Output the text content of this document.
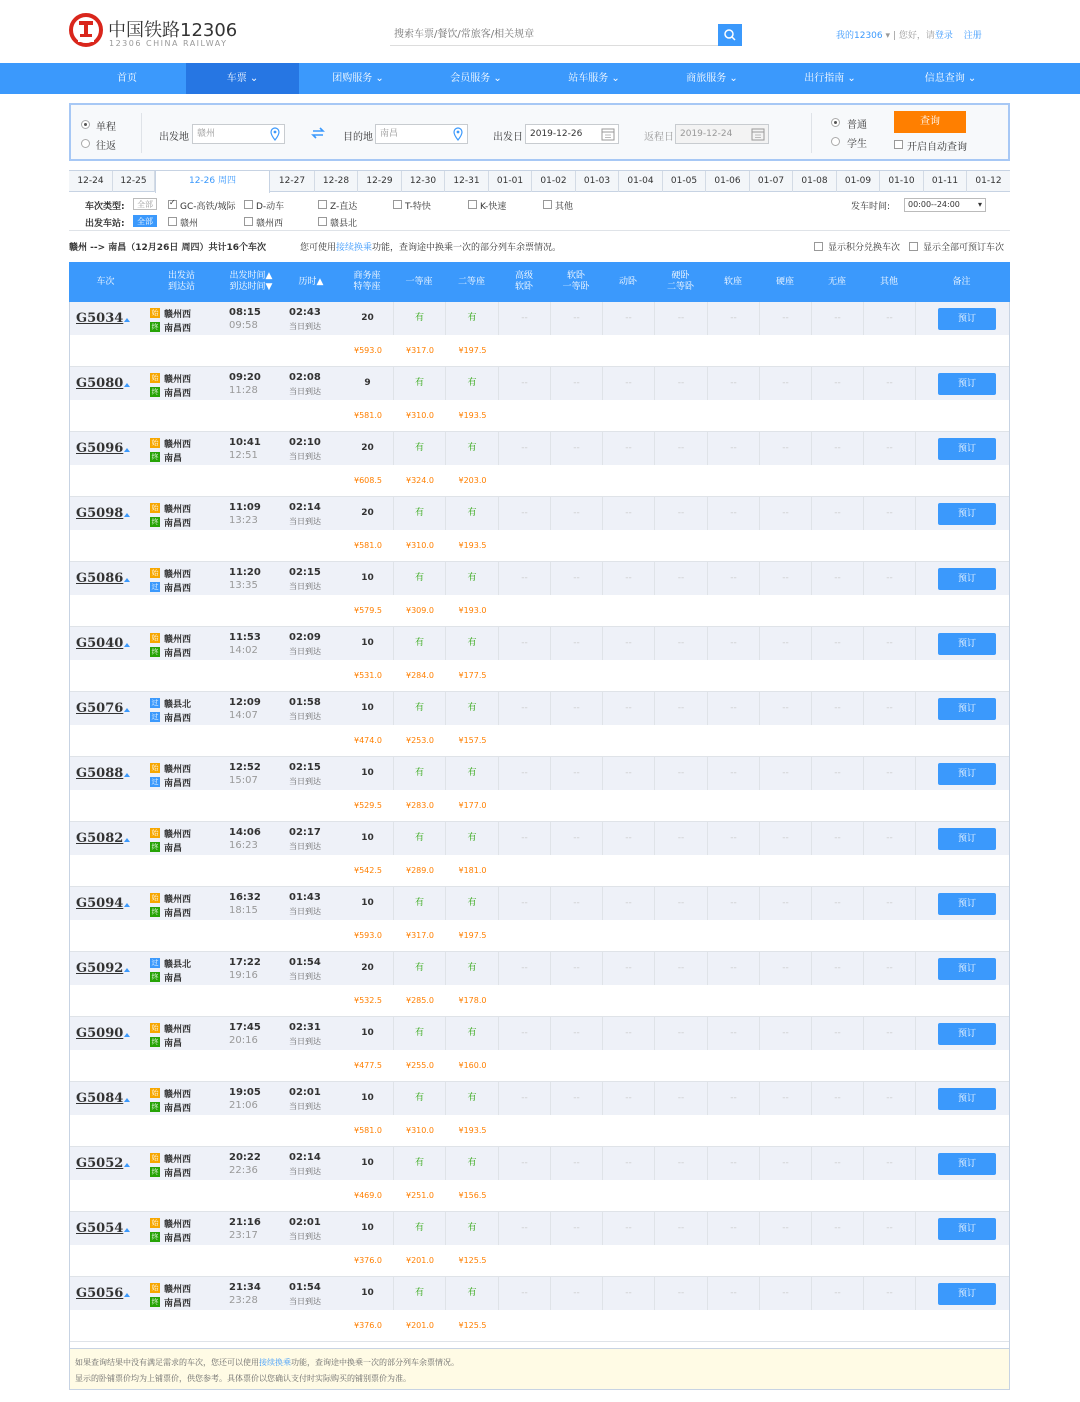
中国铁路12306
12306 CHINA RAILWAY
搜索车票/餐饮/常旅客/相关规章
我的12306 ▾ | 您好，请登录 注册
首页	车票 ⌄	团购服务 ⌄	会员服务 ⌄	站车服务 ⌄	商旅服务 ⌄	出行指南 ⌄	信息查询 ⌄
单程
往返
出发地 赣州	目的地 南昌	出发日 2019-12-26	返程日 2019-12-24
普通
学生
查询
开启自动查询
12-24	12-25	12-26 周四	12-27	12-28	12-29	12-30	12-31	01-01	01-02	01-03	01-04	01-05	01-06	01-07	01-08	01-09	01-10	01-11	01-12
车次类型:	全部
✓	GC-高铁/城际 D-动车	Z-直达	T-特快	K-快速	其他	发车时间:	00:00--24:00 ▾
出发车站:	全部	赣州	赣州西	赣县北
赣州 --> 南昌（12月26日 周四）共计16个车次	您可使用接续换乘功能，查询途中换乘一次的部分列车余票情况。	显示积分兑换车次	显示全部可预订车次
车次
出发站
到达站
出发时间▲
到达时间▼
历时▲
商务座
特等座
一等座	二等座
高级
软卧
软卧
一等卧
动卧
硬卧
二等卧
软座	硬座	无座	其他	备注
G5034	始 赣州西
终 南昌西
08:15
09:58
02:43
当日到达
20	有	有	--	--	--	--	--	--	--	--	预订
¥593.0	¥317.0	¥197.5
G5080	始 赣州西
终 南昌西
09:20
11:28
02:08
当日到达
9	有	有	--	--	--	--	--	--	--	--	预订
¥581.0	¥310.0	¥193.5
G5096	始 赣州西
终 南昌
10:41
12:51
02:10
当日到达
20	有	有	--	--	--	--	--	--	--	--	预订
¥608.5	¥324.0	¥203.0
G5098	始 赣州西
终 南昌西
11:09
13:23
02:14
当日到达
20	有	有	--	--	--	--	--	--	--	--	预订
¥581.0	¥310.0	¥193.5
G5086	始 赣州西
过 南昌西
11:20
13:35
02:15
当日到达
10	有	有	--	--	--	--	--	--	--	--	预订
¥579.5	¥309.0	¥193.0
G5040	始 赣州西
终 南昌西
11:53
14:02
02:09
当日到达
10	有	有	--	--	--	--	--	--	--	--	预订
¥531.0	¥284.0	¥177.5
G5076	过 赣县北
过 南昌西
12:09
14:07
01:58
当日到达
10	有	有	--	--	--	--	--	--	--	--	预订
¥474.0	¥253.0	¥157.5
G5088	始 赣州西
过 南昌西
12:52
15:07
02:15
当日到达
10	有	有	--	--	--	--	--	--	--	--	预订
¥529.5	¥283.0	¥177.0
G5082	始 赣州西
终 南昌
14:06
16:23
02:17
当日到达
10	有	有	--	--	--	--	--	--	--	--	预订
¥542.5	¥289.0	¥181.0
G5094	始 赣州西
终 南昌西
16:32
18:15
01:43
当日到达
10	有	有	--	--	--	--	--	--	--	--	预订
¥593.0	¥317.0	¥197.5
G5092	过 赣县北
终 南昌
17:22
19:16
01:54
当日到达
20	有	有	--	--	--	--	--	--	--	--	预订
¥532.5	¥285.0	¥178.0
G5090	始 赣州西
终 南昌
17:45
20:16
02:31
当日到达
10	有	有	--	--	--	--	--	--	--	--	预订
¥477.5	¥255.0	¥160.0
G5084	始 赣州西
终 南昌西
19:05
21:06
02:01
当日到达
10	有	有	--	--	--	--	--	--	--	--	预订
¥581.0	¥310.0	¥193.5
G5052	始 赣州西
终 南昌西
20:22
22:36
02:14
当日到达
10	有	有	--	--	--	--	--	--	--	--	预订
¥469.0	¥251.0	¥156.5
G5054	始 赣州西
终 南昌西
21:16
23:17
02:01
当日到达
10	有	有	--	--	--	--	--	--	--	--	预订
¥376.0	¥201.0	¥125.5
G5056	始 赣州西
终 南昌西
21:34
23:28
01:54
当日到达
10	有	有	--	--	--	--	--	--	--	--	预订
¥376.0	¥201.0	¥125.5
如果查询结果中没有满足需求的车次，您还可以使用接续换乘功能，查询途中换乘一次的部分列车余票情况。
显示的卧铺票价均为上铺票价，供您参考。具体票价以您确认支付时实际购买的铺别票价为准。
